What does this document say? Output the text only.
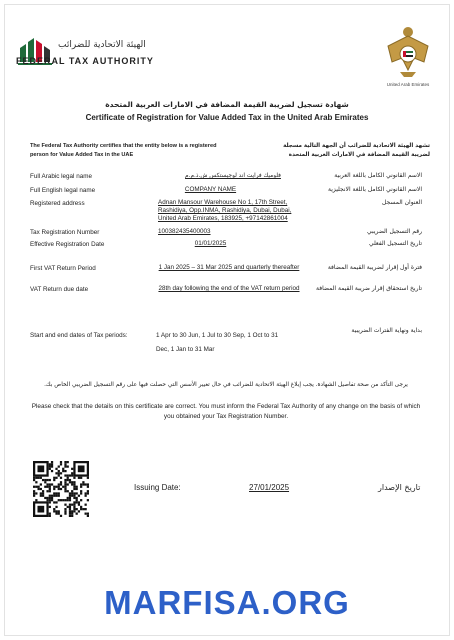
الهيئة الاتحادية للضرائب
FEDERAL TAX AUTHORITY
United Arab Emirates
شهادة تسجيل لضريبة القيمة المضافة في الامارات العربية المتحدة
Certificate of Registration for Value Added Tax in the United Arab Emirates
The Federal Tax Authority certifies that the entity below is a registered person for Value Added Tax in the UAE
تشهد الهيئة الاتحادية للضرائب أن الجهة التالية مسجلة لضريبة القيمة المضافة في الامارات العربية المتحدة
Full Arabic legal name	فلوميك فرايت اند لوجيستكس ش.ذ.م.م	الاسم القانوني الكامل باللغة العربية
Full English legal name	COMPANY NAME	الاسم القانوني الكامل باللغة الانجليزية
Registered address	Adnan Mansour Warehouse No 1, 17th Street, Rashidiya, Opp.INMA, Rashidiya, Dubai, Dubai, United Arab Emirates, 183925, +97142861004
العنوان المسجل
Tax Registration Number	100382435400003	رقم التسجيل الضريبي
Effective Registration Date	01/01/2025	تاريخ التسجيل الفعلي
First VAT Return Period	1 Jan 2025 – 31 Mar 2025 and quarterly thereafter	فترة أول إقرار لضريبة القيمة المضافة
VAT Return due date	28th day following the end of the VAT return period	تاريخ استحقاق إقرار ضريبة القيمة المضافة
بداية ونهاية الفترات الضريبية
Start and end dates of Tax periods:	1 Apr to 30 Jun, 1 Jul to 30 Sep, 1 Oct to 31
Dec, 1 Jan to 31 Mar
يرجى التأكد من صحة تفاصيل الشهادة. يجب إبلاغ الهيئة الاتحادية للضرائب في حال تغيير الأسس التي حصلت فيها على رقم التسجيل الضريبي الخاص بك.
Please check that the details on this certificate are correct. You must inform the Federal Tax Authority of any change on the basis of which you obtained your Tax Registration Number.
Issuing Date:	27/01/2025	تاريخ الإصدار
MARFISA.ORG
